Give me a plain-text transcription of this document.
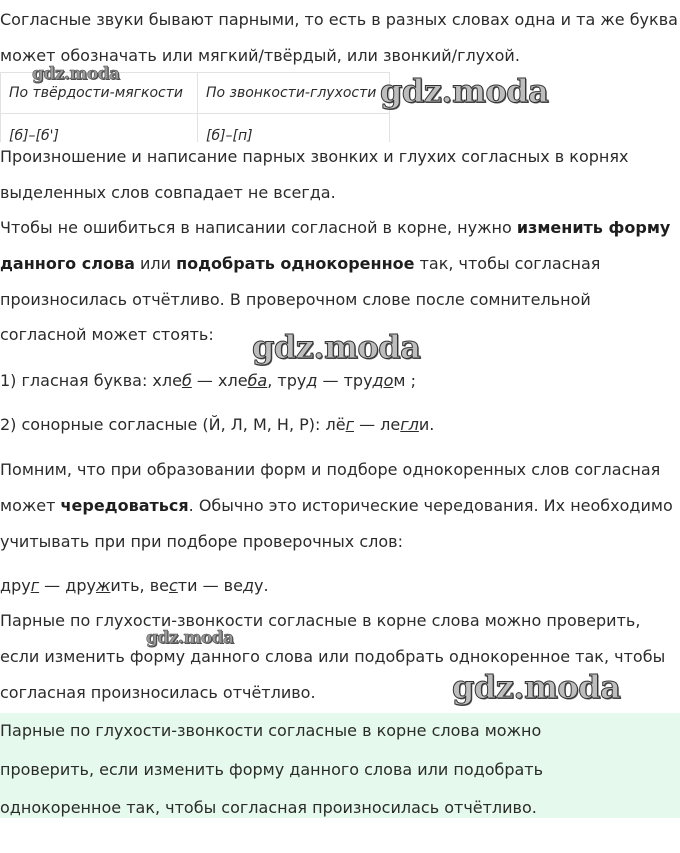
Согласные звуки бывают парными, то есть в разных словах одна и та же буква

может обозначать или мягкий/твёрдый, или звонкий/глухой.

По твёрдости-мягкости	По звонкости-глухости
[б]–[б']	[б]–[п]

Произношение и написание парных звонких и глухих согласных в корнях

выделенных слов совпадает не всегда.

Чтобы не ошибиться в написании согласной в корне, нужно изменить форму

данного слова или подобрать однокоренное так, чтобы согласная

произносилась отчётливо. В проверочном слове после сомнительной

согласной может стоять:

1) гласная буква: хлеб — хлеба, труд — трудом ;

2) сонорные согласные (Й, Л, М, Н, Р): лёг — легли.

Помним, что при образовании форм и подборе однокоренных слов согласная

может чередоваться. Обычно это исторические чередования. Их необходимо

учитывать при при подборе проверочных слов:

друг — дружить, вести — веду.

Парные по глухости-звонкости согласные в корне слова можно проверить,

если изменить форму данного слова или подобрать однокоренное так, чтобы

согласная произносилась отчётливо.

Парные по глухости-звонкости согласные в корне слова можно

проверить, если изменить форму данного слова или подобрать

однокоренное так, чтобы согласная произносилась отчётливо.

gdz.moda	gdz.moda
gdz.moda
gdz.moda
gdz.moda
